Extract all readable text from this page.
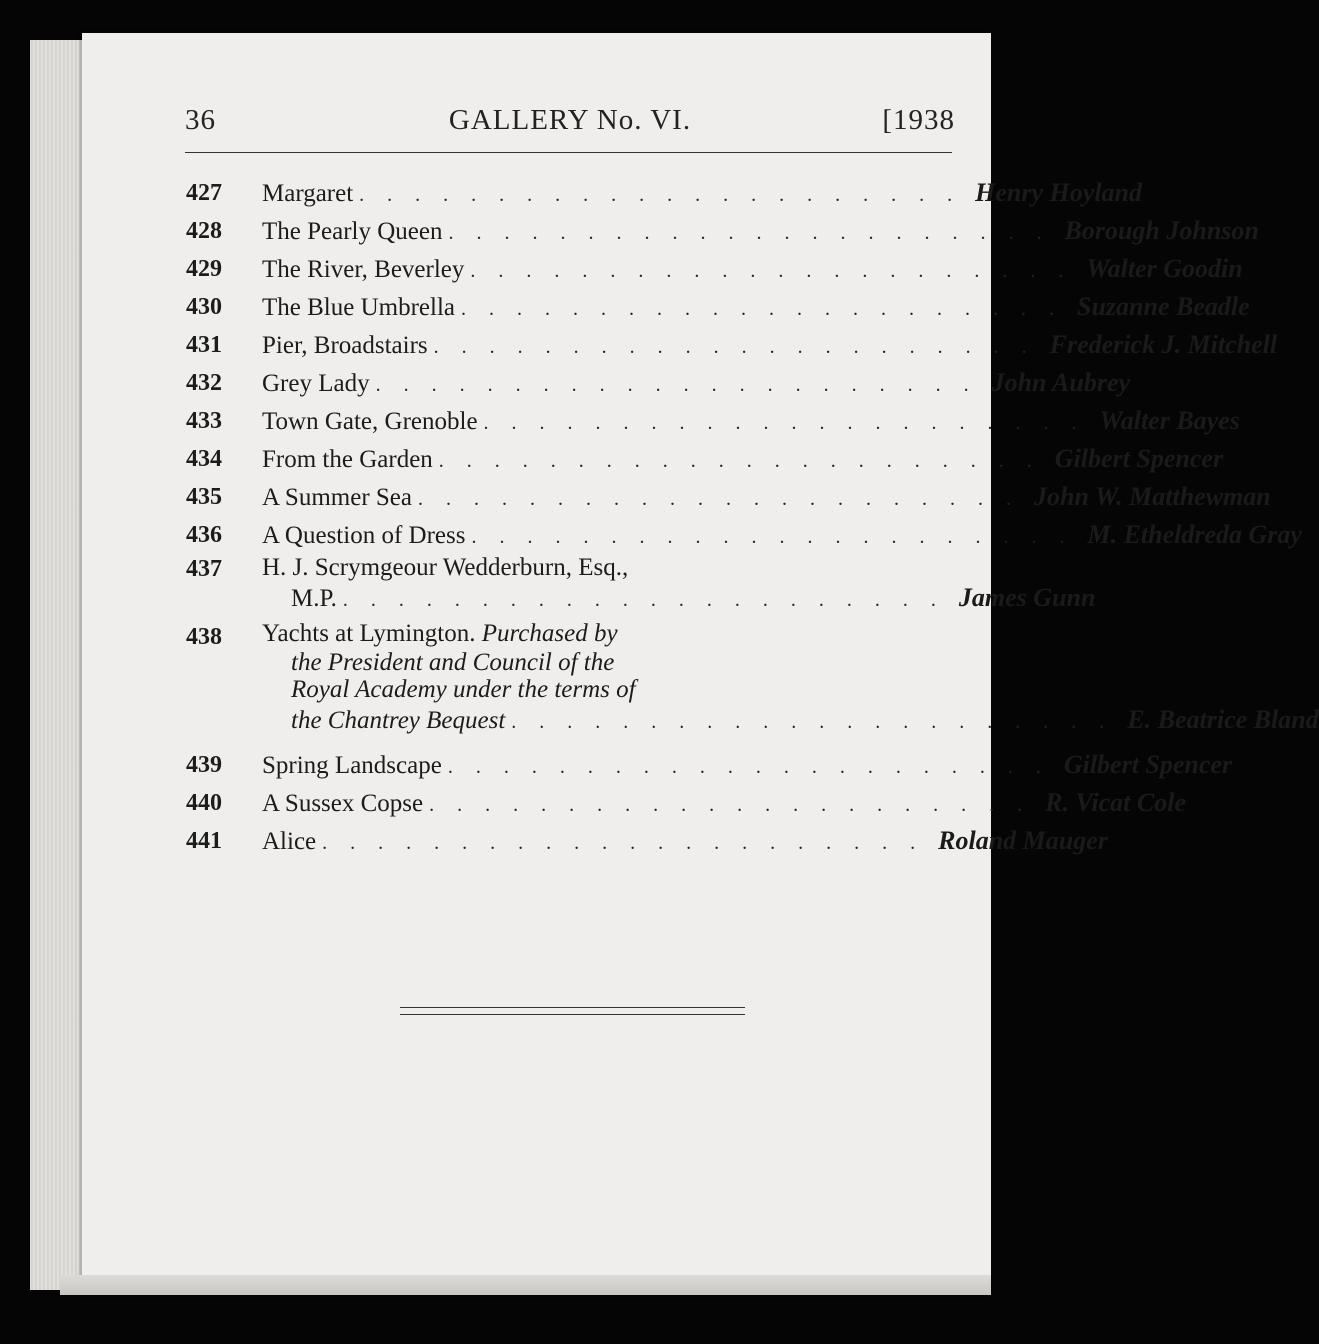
36	GALLERY No. VI.	[1938
427	Margaret . . . . . . . . . . . . . . . . . . . . . . Henry Hoyland
428	The Pearly Queen . . . . . . . . . . . . . . . . . . . . . . Borough Johnson
429	The River, Beverley . . . . . . . . . . . . . . . . . . . . . . Walter Goodin
430	The Blue Umbrella . . . . . . . . . . . . . . . . . . . . . . Suzanne Beadle
431	Pier, Broadstairs . . . . . . . . . . . . . . . . . . . . . . Frederick J. Mitchell
432	Grey Lady . . . . . . . . . . . . . . . . . . . . . . John Aubrey
433	Town Gate, Grenoble . . . . . . . . . . . . . . . . . . . . . . Walter Bayes
434	From the Garden . . . . . . . . . . . . . . . . . . . . . . Gilbert Spencer
435	A Summer Sea . . . . . . . . . . . . . . . . . . . . . . John W. Matthewman
436	A Question of Dress . . . . . . . . . . . . . . . . . . . . . . M. Etheldreda Gray
437	H. J. Scrymgeour Wedderburn, Esq.,
M.P. . . . . . . . . . . . . . . . . . . . . . . James Gunn
438	Yachts at Lymington. Purchased by
the President and Council of the
Royal Academy under the terms of
the Chantrey Bequest . . . . . . . . . . . . . . . . . . . . . . E. Beatrice Bland
439	Spring Landscape . . . . . . . . . . . . . . . . . . . . . . Gilbert Spencer
440	A Sussex Copse . . . . . . . . . . . . . . . . . . . . . . R. Vicat Cole
441	Alice . . . . . . . . . . . . . . . . . . . . . . Roland Mauger
